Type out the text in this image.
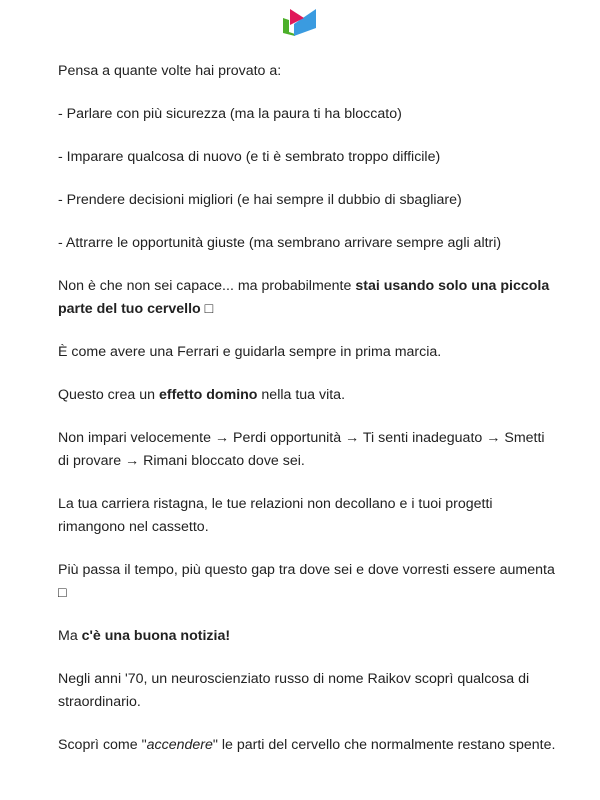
Pensa a quante volte hai provato a:

- Parlare con più sicurezza (ma la paura ti ha bloccato)

- Imparare qualcosa di nuovo (e ti è sembrato troppo difficile)

- Prendere decisioni migliori (e hai sempre il dubbio di sbagliare)

- Attrarre le opportunità giuste (ma sembrano arrivare sempre agli altri)

Non è che non sei capace... ma probabilmente stai usando solo una piccola parte del tuo cervello □

È come avere una Ferrari e guidarla sempre in prima marcia.

Questo crea un effetto domino nella tua vita.

Non impari velocemente → Perdi opportunità → Ti senti inadeguato → Smetti di provare → Rimani bloccato dove sei.

La tua carriera ristagna, le tue relazioni non decollano e i tuoi progetti rimangono nel cassetto.

Più passa il tempo, più questo gap tra dove sei e dove vorresti essere aumenta □

Ma c'è una buona notizia!

Negli anni '70, un neuroscienziato russo di nome Raikov scoprì qualcosa di straordinario.

Scoprì come "accendere" le parti del cervello che normalmente restano spente.
